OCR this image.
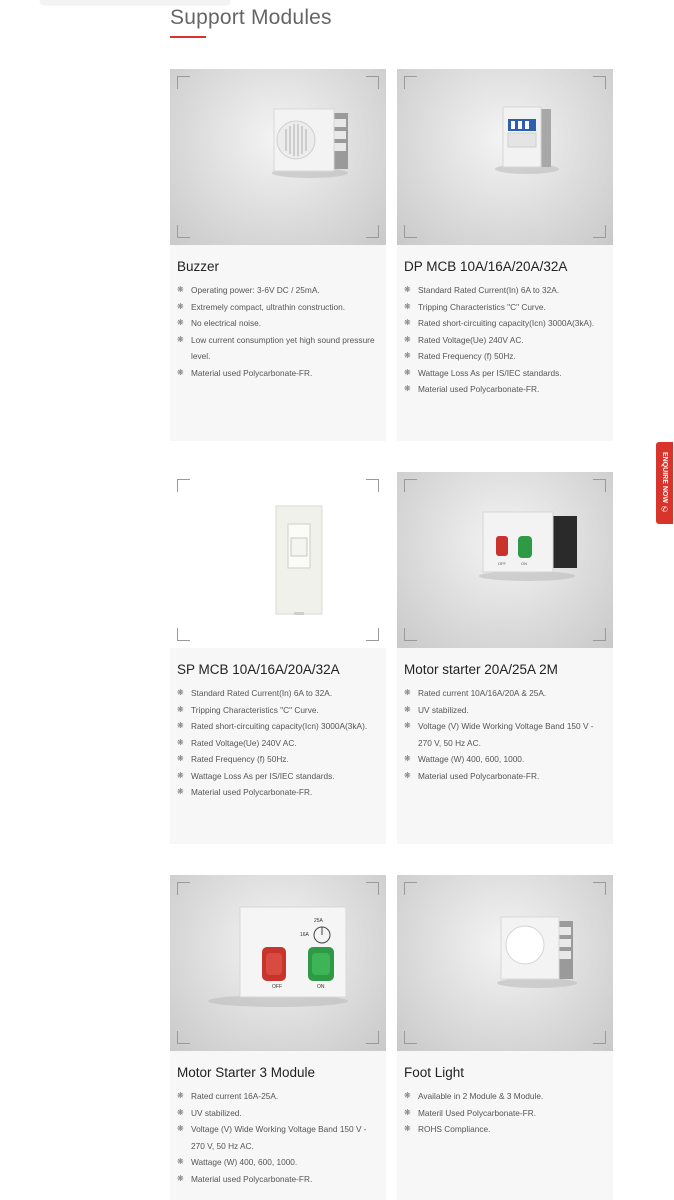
Support Modules
Buzzer
❋ Operating power: 3-6V DC / 25mA.
❋ Extremely compact, ultrathin construction.
❋ No electrical noise.
❋ Low current consumption yet high sound pressure level.
❋ Material used Polycarbonate-FR.
DP MCB 10A/16A/20A/32A
❋ Standard Rated Current(In) 6A to 32A.
❋ Tripping Characteristics "C" Curve.
❋ Rated short-circuiting capacity(Icn) 3000A(3kA).
❋ Rated Voltage(Ue) 240V AC.
❋ Rated Frequency (f) 50Hz.
❋ Wattage Loss As per IS/IEC standards.
❋ Material used Polycarbonate-FR.
SP MCB 10A/16A/20A/32A
❋ Standard Rated Current(In) 6A to 32A.
❋ Tripping Characteristics "C" Curve.
❋ Rated short-circuiting capacity(Icn) 3000A(3kA).
❋ Rated Voltage(Ue) 240V AC.
❋ Rated Frequency (f) 50Hz.
❋ Wattage Loss As per IS/IEC standards.
❋ Material used Polycarbonate-FR.
OFF	ON
Motor starter 20A/25A 2M
❋ Rated current 10A/16A/20A & 25A.
❋ UV stabilized.
❋ Voltage (V) Wide Working Voltage Band 150 V - 270 V, 50 Hz AC.
❋ Wattage (W) 400, 600, 1000.
❋ Material used Polycarbonate-FR.
OFF	ON
25A
16A
Motor Starter 3 Module
❋ Rated current 16A-25A.
❋ UV stabilized.
❋ Voltage (V) Wide Working Voltage Band 150 V - 270 V, 50 Hz AC.
❋ Wattage (W) 400, 600, 1000.
❋ Material used Polycarbonate-FR.
Foot Light
❋ Available in 2 Module & 3 Module.
❋ Materil Used Polycarbonate-FR.
❋ ROHS Compliance.
ENQUIRE NOW
✆
